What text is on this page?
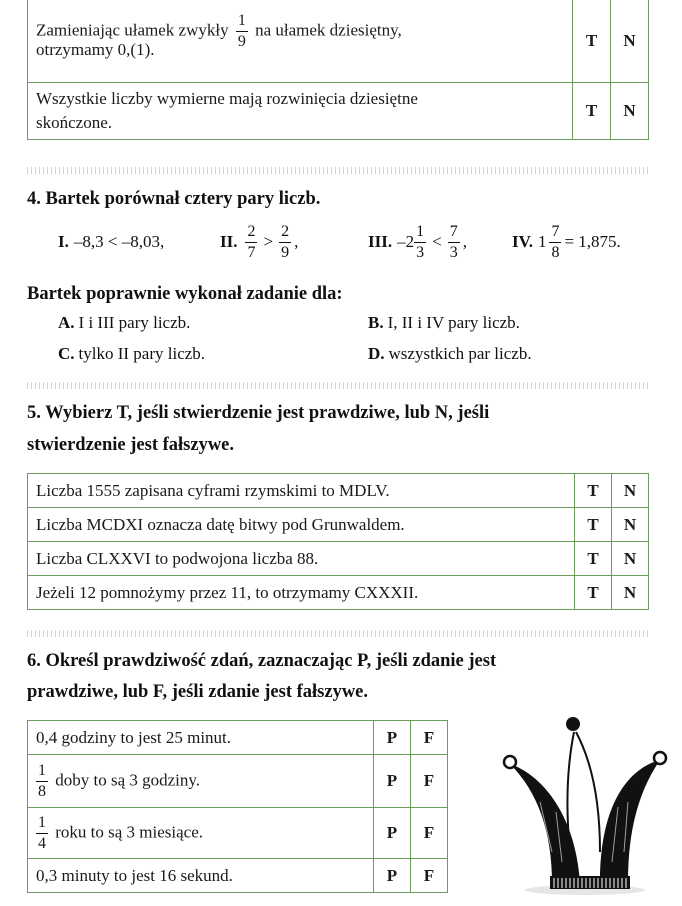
Zamieniając ułamek zwykły $\frac{1}{9}$ na ułamek dziesiętny,
otrzymamy 0,(1).	T	N
Wszystkie liczby wymierne mają rozwinięcia dziesiętne
skończone.	T	N
4. Bartek porównał cztery pary liczb.
I. –8,3 < –8,03,	II. $\frac{2}{7} > \frac{2}{9}$ ,	III. $-2 \frac{1}{3} < \frac{7}{3}$ ,	IV. $1 \frac{7}{8} = 1,875$.
Bartek poprawnie wykonał zadanie dla:
A. I i III pary liczb.	B. I, II i IV pary liczb.
C. tylko II pary liczb.	D. wszystkich par liczb.
5. Wybierz T, jeśli stwierdzenie jest prawdziwe, lub N, jeśli
stwierdzenie jest fałszywe.
Liczba 1555 zapisana cyframi rzymskimi to MDLV.	T	N
Liczba MCDXI oznacza datę bitwy pod Grunwaldem.	T	N
Liczba CLXXVI to podwojona liczba 88.	T	N
Jeżeli 12 pomnożymy przez 11, to otrzymamy CXXXII.	T	N
6. Określ prawdziwość zdań, zaznaczając P, jeśli zdanie jest
prawdziwe, lub F, jeśli zdanie jest fałszywe.
0,4 godziny to jest 25 minut.	P	F

$\frac{1}{8}$ doby to są 3 godziny.	P	F

$\frac{1}{4}$ roku to są 3 miesiące.	P	F
0,3 minuty to jest 16 sekund.	P	F
